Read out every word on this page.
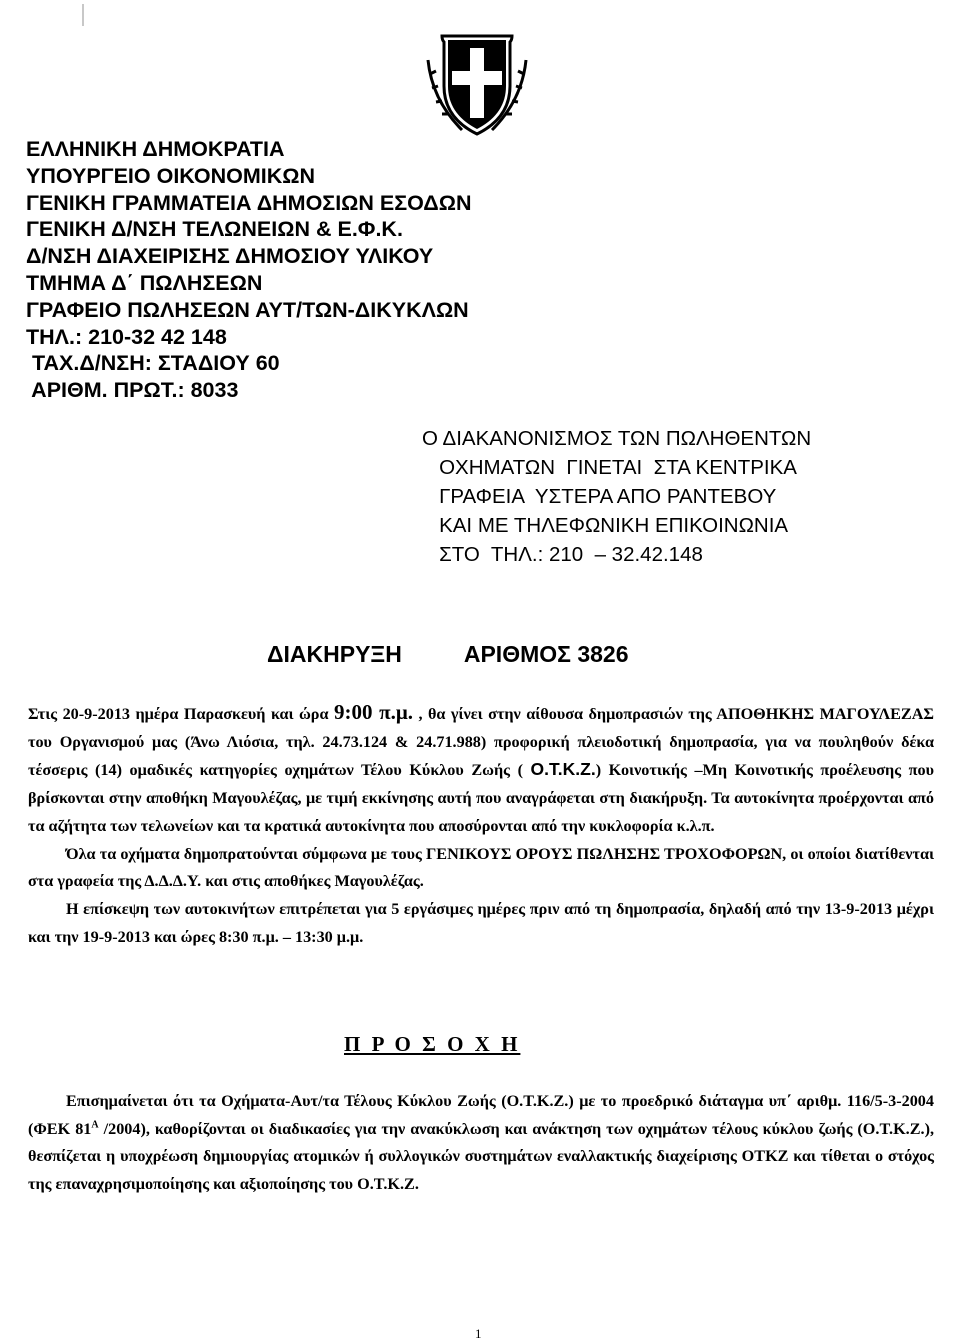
ΕΛΛΗΝΙΚΗ ΔΗΜΟΚΡΑΤΙΑ
ΥΠΟΥΡΓΕΙΟ ΟΙΚΟΝΟΜΙΚΩΝ
ΓΕΝΙΚΗ ΓΡΑΜΜΑΤΕΙΑ ΔΗΜΟΣΙΩΝ ΕΣΟΔΩΝ
ΓΕΝΙΚΗ Δ/ΝΣΗ ΤΕΛΩΝΕΙΩΝ & Ε.Φ.Κ.
Δ/ΝΣΗ ΔΙΑΧΕΙΡΙΣΗΣ ΔΗΜΟΣΙΟΥ ΥΛΙΚΟΥ
ΤΜΗΜΑ Δ΄ ΠΩΛΗΣΕΩΝ
ΓΡΑΦΕΙΟ ΠΩΛΗΣΕΩΝ ΑΥΤ/ΤΩΝ-ΔΙΚΥΚΛΩΝ
ΤΗΛ.: 210-32 42 148
ΤΑΧ.Δ/ΝΣΗ: ΣΤΑΔΙΟΥ 60
ΑΡΙΘΜ. ΠΡΩΤ.: 8033
Ο ΔΙΑΚΑΝΟΝΙΣΜΟΣ ΤΩΝ ΠΩΛΗΘΕΝΤΩΝ
ΟΧΗΜΑΤΩΝ  ΓΙΝΕΤΑΙ  ΣΤΑ ΚΕΝΤΡΙΚΑ
ΓΡΑΦΕΙΑ  ΥΣΤΕΡΑ ΑΠΟ ΡΑΝΤΕΒΟΥ
ΚΑΙ ΜΕ ΤΗΛΕΦΩΝΙΚΗ ΕΠΙΚΟΙΝΩΝΙΑ
ΣΤΟ  ΤΗΛ.: 210  – 32.42.148
ΔΙΑΚΗΡΥΞΗ	ΑΡΙΘΜΟΣ 3826

Στις 20-9-2013 ημέρα Παρασκευή και ώρα 9:00 π.μ. , θα γίνει στην αίθουσα δημοπρασιών της ΑΠΟΘΗΚΗΣ ΜΑΓΟΥΛΕΖΑΣ του Οργανισμού μας (Άνω Λιόσια, τηλ. 24.73.124 & 24.71.988) προφορική πλειοδοτική δημοπρασία, για να πουληθούν δέκα τέσσερις (14) ομαδικές κατηγορίες οχημάτων Τέλου Κύκλου Ζωής ( Ο.Τ.Κ.Ζ.) Κοινοτικής –Μη Κοινοτικής προέλευσης που βρίσκονται στην αποθήκη Μαγουλέζας, με τιμή εκκίνησης αυτή που αναγράφεται στη διακήρυξη. Τα αυτοκίνητα προέρχονται από τα αζήτητα των τελωνείων και τα κρατικά αυτοκίνητα που αποσύρονται από την κυκλοφορία κ.λ.π.

Όλα τα οχήματα δημοπρατούνται σύμφωνα με τους ΓΕΝΙΚΟΥΣ ΟΡΟΥΣ ΠΩΛΗΣΗΣ ΤΡΟΧΟΦΟΡΩΝ, οι οποίοι διατίθενται στα γραφεία της Δ.Δ.Δ.Υ. και στις αποθήκες Μαγουλέζας.

Η επίσκεψη των αυτοκινήτων επιτρέπεται για 5 εργάσιμες ημέρες πριν από τη δημοπρασία, δηλαδή από την 13-9-2013 μέχρι και την 19-9-2013 και ώρες 8:30 π.μ. – 13:30 μ.μ.

Π Ρ Ο Σ Ο Χ Η

Επισημαίνεται ότι τα Οχήματα-Αυτ/τα Τέλους Κύκλου Ζωής (Ο.Τ.Κ.Ζ.) με το προεδρικό διάταγμα υπ΄ αριθμ. 116/5-3-2004 (ΦΕΚ $81^A$ /2004), καθορίζονται οι διαδικασίες για την ανακύκλωση και ανάκτηση των οχημάτων τέλους κύκλου ζωής (Ο.Τ.Κ.Ζ.), θεσπίζεται η υποχρέωση δημιουργίας ατομικών ή συλλογικών συστημάτων εναλλακτικής διαχείρισης ΟΤΚΖ και τίθεται ο στόχος της επαναχρησιμοποίησης και αξιοποίησης του Ο.Τ.Κ.Ζ.

1
